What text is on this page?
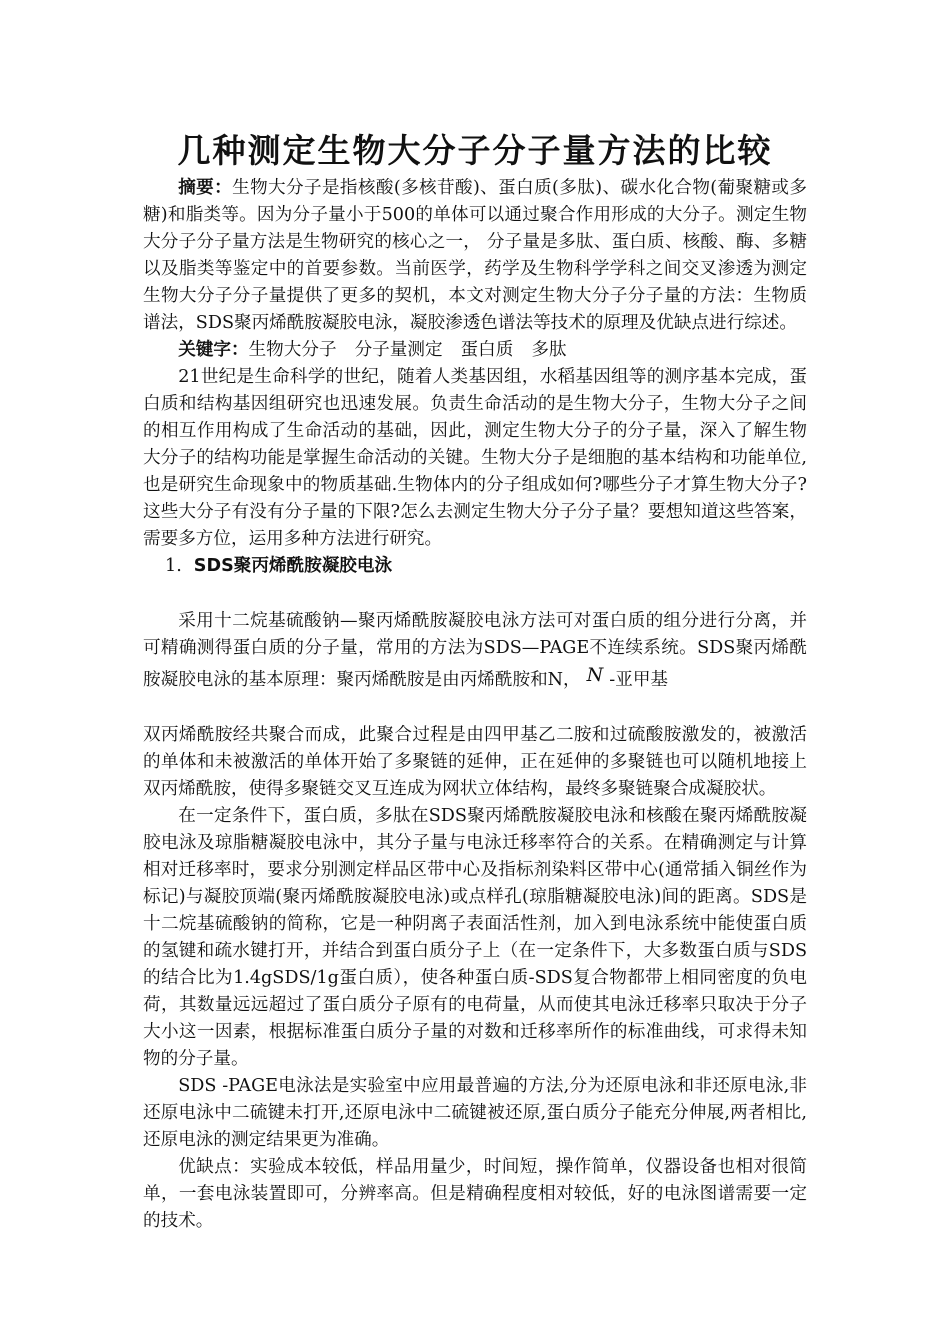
几种测定生物大分子分子量方法的比较

摘要：生物大分子是指核酸(多核苷酸)、蛋白质(多肽)、碳水化合物(葡聚糖或多糖)和脂类等。因为分子量小于500的单体可以通过聚合作用形成的大分子。测定生物大分子分子量方法是生物研究的核心之一， 分子量是多肽、蛋白质、核酸、酶、多糖以及脂类等鉴定中的首要参数。当前医学，药学及生物科学学科之间交叉渗透为测定生物大分子分子量提供了更多的契机，本文对测定生物大分子分子量的方法：生物质谱法，SDS聚丙烯酰胺凝胶电泳，凝胶渗透色谱法等技术的原理及优缺点进行综述。

关键字：生物大分子 分子量测定 蛋白质 多肽

21世纪是生命科学的世纪，随着人类基因组，水稻基因组等的测序基本完成，蛋白质和结构基因组研究也迅速发展。负责生命活动的是生物大分子，生物大分子之间的相互作用构成了生命活动的基础，因此，测定生物大分子的分子量，深入了解生物大分子的结构功能是掌握生命活动的关键。生物大分子是细胞的基本结构和功能单位,也是研究生命现象中的物质基础.生物体内的分子组成如何?哪些分子才算生物大分子?这些大分子有没有分子量的下限?怎么去测定生物大分子分子量？要想知道这些答案，需要多方位，运用多种方法进行研究。

1. SDS聚丙烯酰胺凝胶电泳

采用十二烷基硫酸钠—聚丙烯酰胺凝胶电泳方法可对蛋白质的组分进行分离，并可精确测得蛋白质的分子量，常用的方法为SDS—PAGE不连续系统。SDS聚丙烯酰胺凝胶电泳的基本原理：聚丙烯酰胺是由丙烯酰胺和N， N -亚甲基

双丙烯酰胺经共聚合而成，此聚合过程是由四甲基乙二胺和过硫酸胺激发的，被激活的单体和未被激活的单体开始了多聚链的延伸，正在延伸的多聚链也可以随机地接上双丙烯酰胺，使得多聚链交叉互连成为网状立体结构，最终多聚链聚合成凝胶状。

在一定条件下，蛋白质，多肽在SDS聚丙烯酰胺凝胶电泳和核酸在聚丙烯酰胺凝胶电泳及琼脂糖凝胶电泳中，其分子量与电泳迁移率符合的关系。在精确测定与计算相对迁移率时，要求分别测定样品区带中心及指标剂染料区带中心(通常插入铜丝作为标记)与凝胶顶端(聚丙烯酰胺凝胶电泳)或点样孔(琼脂糖凝胶电泳)间的距离。SDS是十二烷基硫酸钠的简称，它是一种阴离子表面活性剂，加入到电泳系统中能使蛋白质的氢键和疏水键打开，并结合到蛋白质分子上（在一定条件下，大多数蛋白质与SDS的结合比为1.4gSDS/1g蛋白质），使各种蛋白质-SDS复合物都带上相同密度的负电荷，其数量远远超过了蛋白质分子原有的电荷量，从而使其电泳迁移率只取决于分子大小这一因素，根据标准蛋白质分子量的对数和迁移率所作的标准曲线，可求得未知物的分子量。

SDS -PAGE电泳法是实验室中应用最普遍的方法,分为还原电泳和非还原电泳,非还原电泳中二硫键未打开,还原电泳中二硫键被还原,蛋白质分子能充分伸展,两者相比,还原电泳的测定结果更为准确。

优缺点：实验成本较低，样品用量少，时间短，操作简单，仪器设备也相对很简单，一套电泳装置即可，分辨率高。但是精确程度相对较低，好的电泳图谱需要一定的技术。
